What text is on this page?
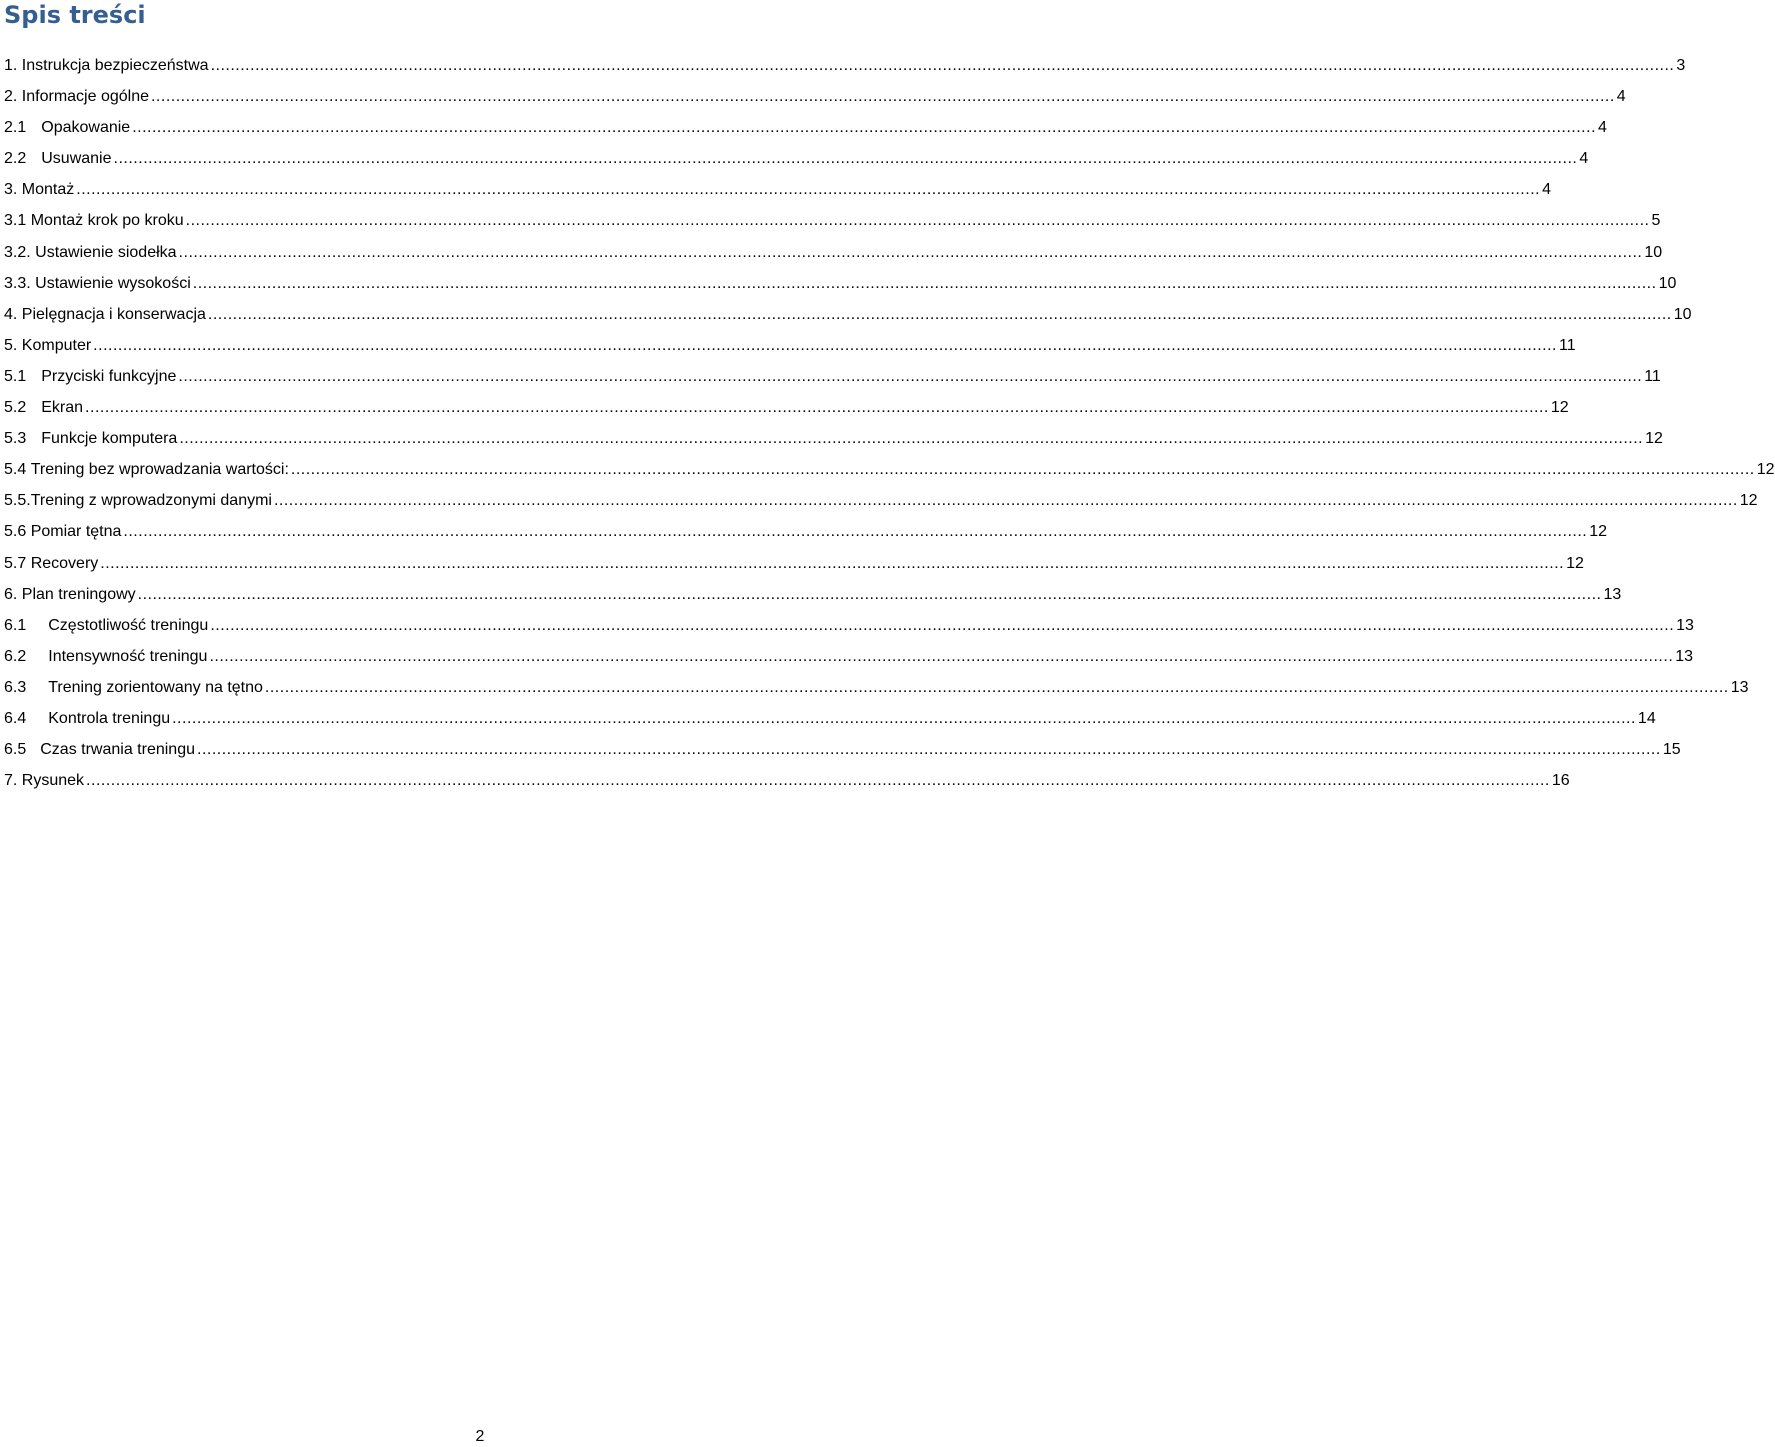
Spis treści
1. Instrukcja bezpieczeństwa .....	3
2. Informacje ogólne .....	4
2.1 Opakowanie .....	4
2.2 Usuwanie .....	4
3. Montaż .....	4
3.1 Montaż krok po kroku .....	5
3.2. Ustawienie siodełka .....	10
3.3. Ustawienie wysokości .....	10
4. Pielęgnacja i konserwacja .....	10
5. Komputer .....	11
5.1 Przyciski funkcyjne .....	11
5.2 Ekran .....	12
5.3 Funkcje komputera .....	12
5.4 Trening bez wprowadzania wartości: .....	12
5.5. Trening z wprowadzonymi danymi .....	12
5.6 Pomiar tętna .....	12
5.7 Recovery .....	12
6. Plan treningowy .....	13
6.1 Częstotliwość treningu .....	13
6.2 Intensywność treningu .....	13
6.3 Trening zorientowany na tętno .....	13
6.4 Kontrola treningu .....	14
6.5 Czas trwania treningu .....	15
7. Rysunek .....	16
2
